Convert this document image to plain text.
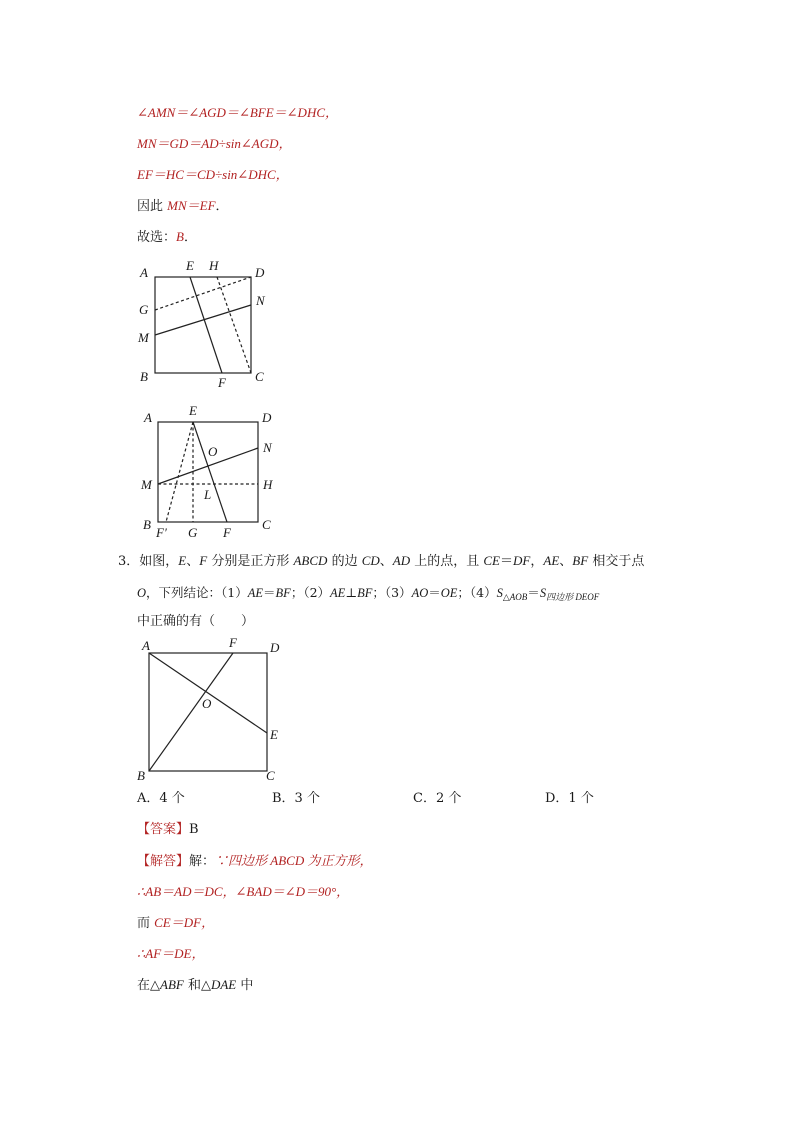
∠AMN＝∠AGD＝∠BFE＝∠DHC，
MN＝GD＝AD÷sin∠AGD，
EF＝HC＝CD÷sin∠DHC，
因此 MN＝EF．
故选：B．
A	E H	D
G
N
M
B	F C
A	E	D
N
O
M	H
L
B
F′ G F
C
3．如图，E、F 分别是正方形 ABCD 的边 CD、AD 上的点，且 CE＝DF，AE、BF 相交于点
O，下列结论：（1）AE＝BF；（2）AE⊥BF；（3）AO＝OE；$(4)S_{\triangle AOB}=S_{四边形 DEOF}$
中正确的有（　　）
A	F	D
O
E
B	C
A．4 个	B．3 个	C．2 个	D．1 个
【答案】B
【解答】解：∵四边形 ABCD 为正方形，
∴AB＝AD＝DC，∠BAD＝∠D＝90°，
而 CE＝DF，
∴AF＝DE，
在△ABF 和△DAE 中
